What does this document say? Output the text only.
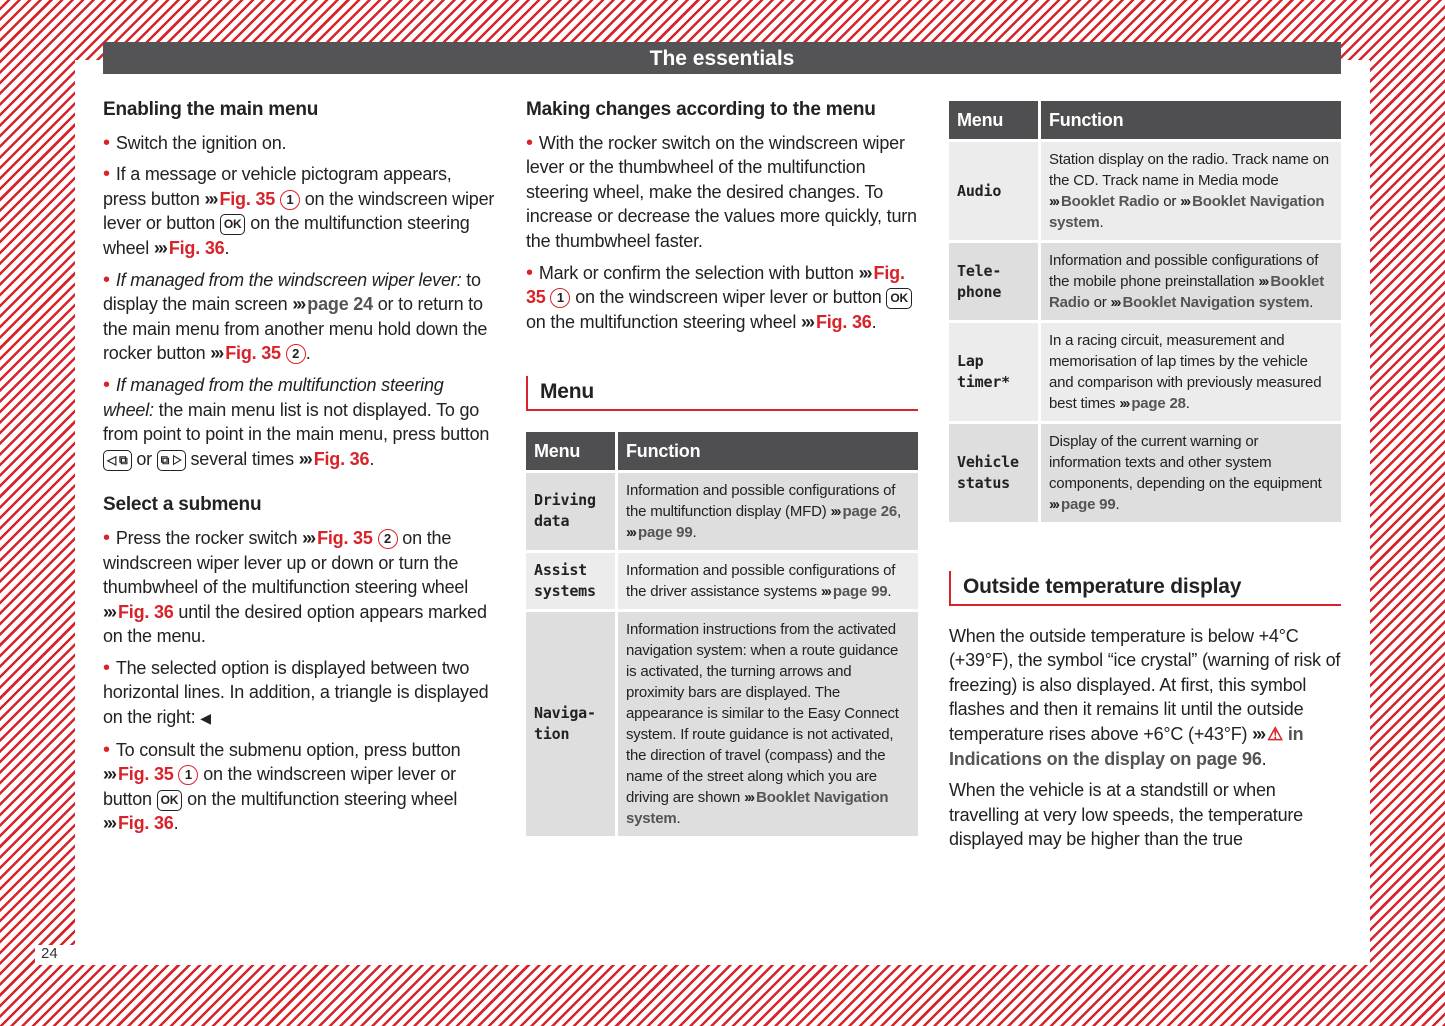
24
The essentials
Enabling the main menu

• Switch the ignition on.

• If a message or vehicle pictogram appears, press button ››› Fig. 35 1 on the windscreen wiper lever or button OK on the multifunction steering wheel ››› Fig. 36.

• If managed from the windscreen wiper lever: to display the main screen ››› page 24 or to return to the main menu from another menu hold down the rocker button ››› Fig. 35 2 .

• If managed from the multifunction steering wheel: the main menu list is not displayed. To go from point to point in the main menu, press button ◁ ⧉ or ⧉ ▷ several times ››› Fig. 36.

Select a submenu

• Press the rocker switch ››› Fig. 35 2 on the windscreen wiper lever up or down or turn the thumbwheel of the multifunction steering wheel ››› Fig. 36 until the desired option appears marked on the menu.

• The selected option is displayed between two horizontal lines. In addition, a triangle is displayed on the right: ◀

• To consult the submenu option, press button ››› Fig. 35 1 on the windscreen wiper lever or button OK on the multifunction steering wheel ››› Fig. 36.

Making changes according to the menu

• With the rocker switch on the windscreen wiper lever or the thumbwheel of the multifunction steering wheel, make the desired changes. To increase or decrease the values more quickly, turn the thumbwheel faster.

• Mark or confirm the selection with button ››› Fig. 35 1 on the windscreen wiper lever or button OK on the multifunction steering wheel ››› Fig. 36.

Menu
Menu	Function
Driving data	Information and possible configurations of the multifunction display (MFD) ››› page 26, ››› page 99.
Assist systems	Information and possible configurations of the driver assistance systems ››› page 99.
Naviga-tion	Information instructions from the activated navigation system: when a route guidance is activated, the turning arrows and proximity bars are displayed. The appearance is similar to the Easy Connect system. If route guidance is not activated, the direction of travel (compass) and the name of the street along which you are driving are shown ››› Booklet Navigation system.
Menu	Function
Audio	Station display on the radio. Track name on the CD. Track name in Media mode ››› Booklet Radio or ››› Booklet Navigation system.
Tele-phone	Information and possible configurations of the mobile phone preinstallation ››› Booklet Radio or ››› Booklet Navigation system.
Lap timer*	In a racing circuit, measurement and memorisation of lap times by the vehicle and comparison with previously measured best times ››› page 28.
Vehicle status	Display of the current warning or information texts and other system components, depending on the equipment ››› page 99.
Outside temperature display

When the outside temperature is below +4°C (+39°F), the symbol “ice crystal” (warning of risk of freezing) is also displayed. At first, this symbol flashes and then it remains lit until the outside temperature rises above +6°C (+43°F) ››› ⚠ in Indications on the display on page 96.

When the vehicle is at a standstill or when travelling at very low speeds, the temperature displayed may be higher than the true
